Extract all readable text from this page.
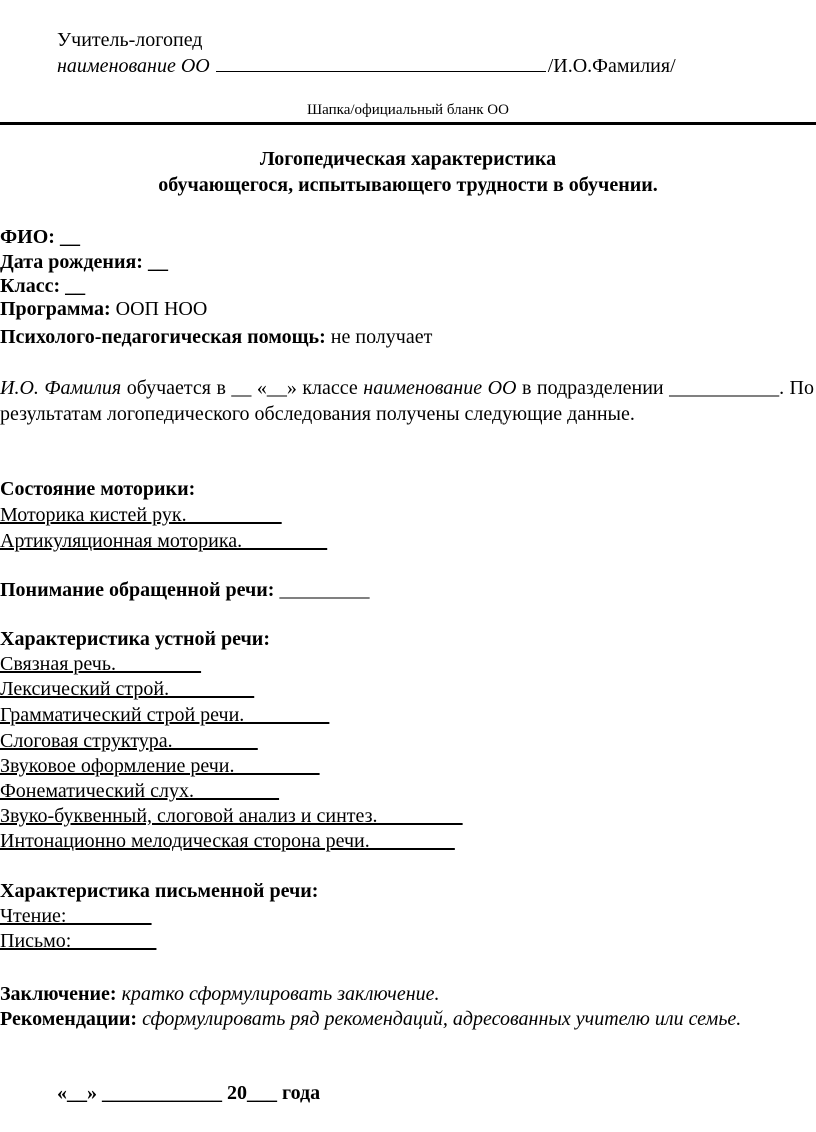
Учитель-логопед
наименование ОО	/И.О.Фамилия/
Шапка/официальный бланк ОО
Логопедическая характеристика
обучающегося, испытывающего трудности в обучении.
ФИО: __
Дата рождения: __
Класс: __
Программа: ООП НОО
Психолого-педагогическая помощь: не получает
И.О. Фамилия обучается в __ «__» классе наименование ОО в подразделении ___________. По результатам логопедического обследования получены следующие данные.
Состояние моторики:
Моторика кистей рук. _________
Артикуляционная моторика. ________
Понимание обращенной речи: _________
Характеристика устной речи:
Связная речь. ________
Лексический строй. ________
Грамматический строй речи. ________
Слоговая структура. ________
Звуковое оформление речи. ________
Фонематический слух. ________
Звуко-буквенный, слоговой анализ и синтез. ________
Интонационно мелодическая сторона речи. ________
Характеристика письменной речи:
Чтение: ________
Письмо: ________
Заключение: кратко сформулировать заключение.
Рекомендации: сформулировать ряд рекомендаций, адресованных учителю или семье.
«__» ____________ 20___ года
